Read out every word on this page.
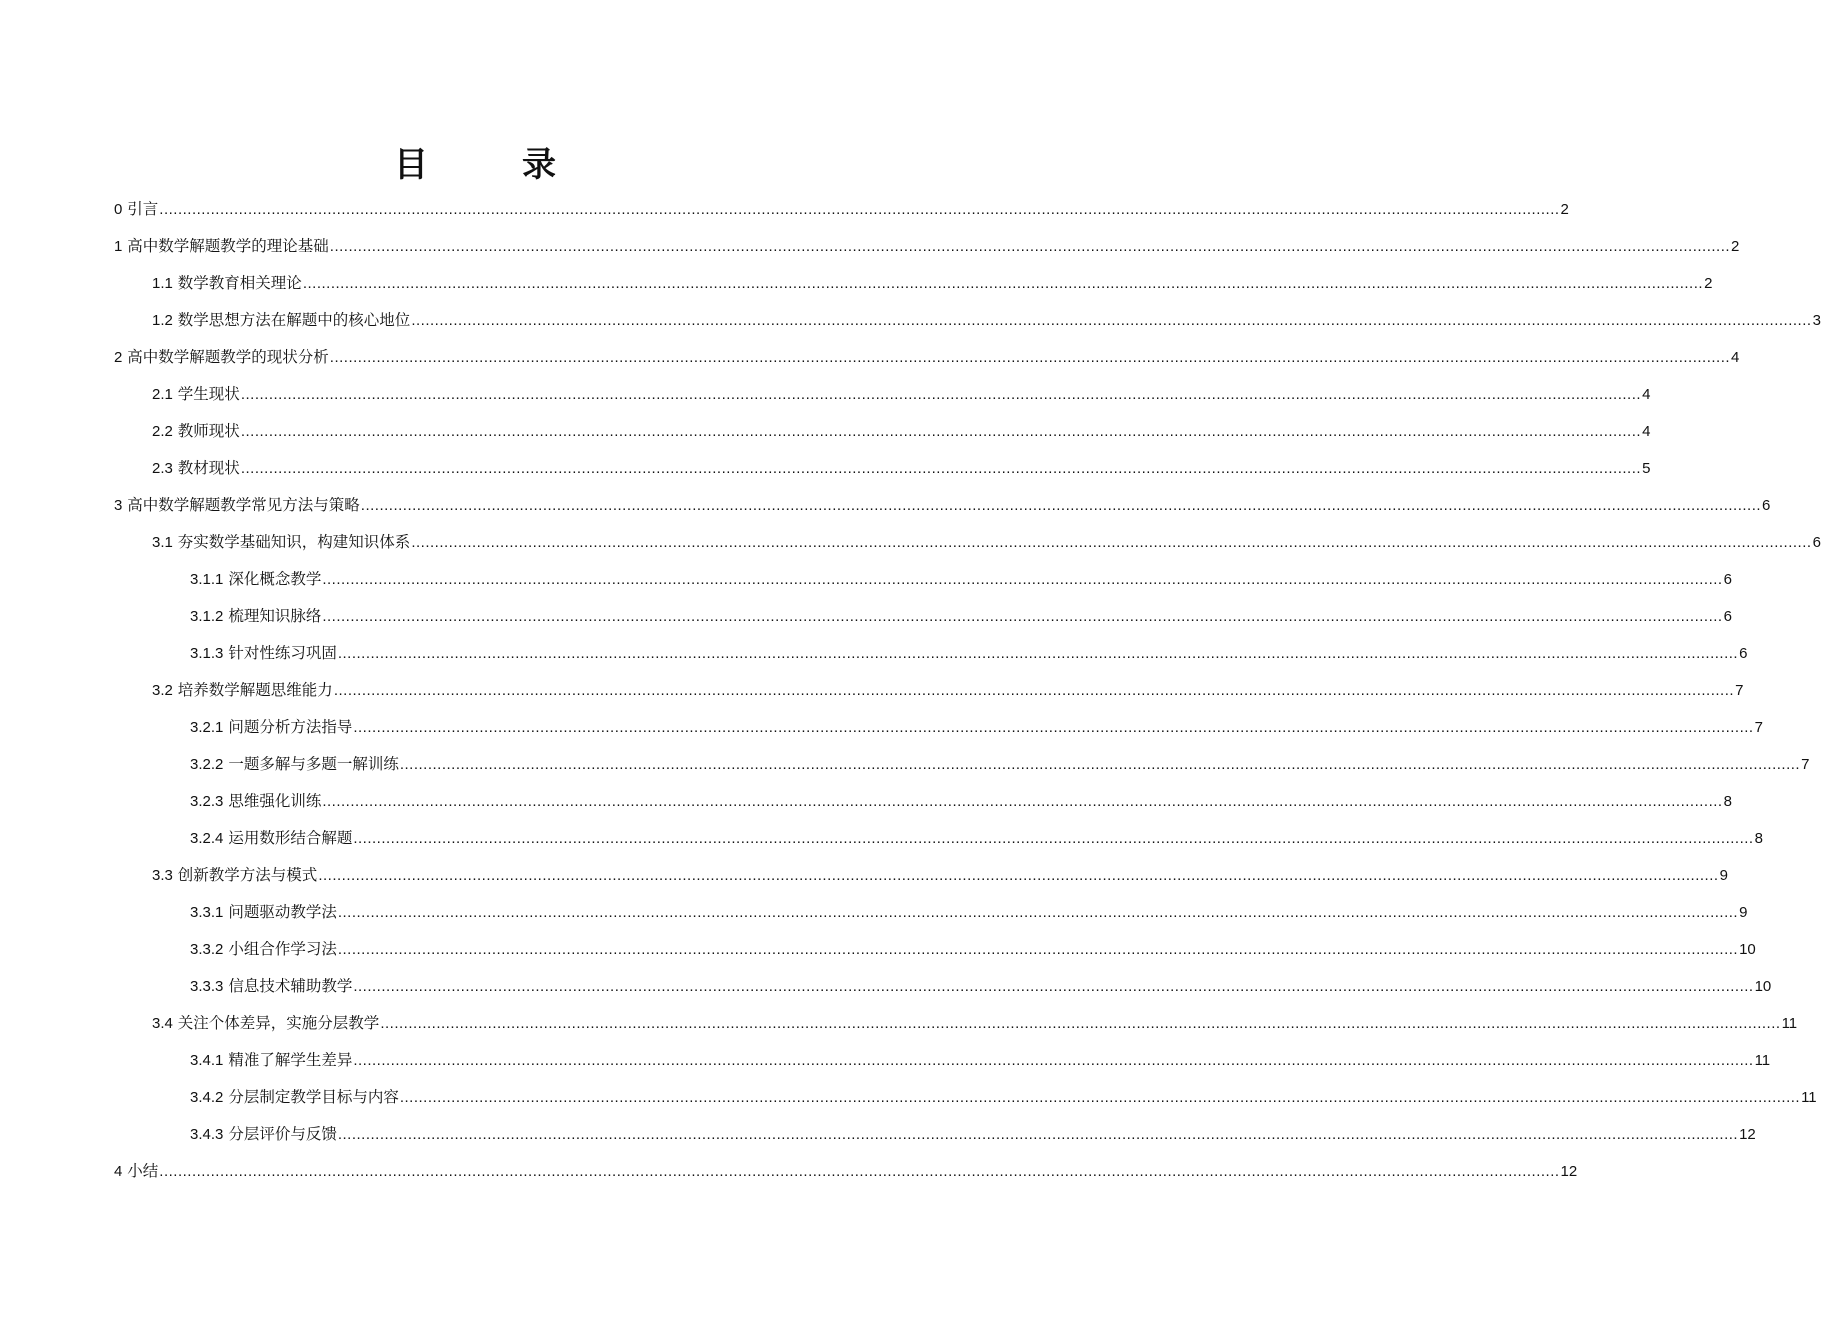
目　录
0 引言 ............................................................................................................................................................................................................................................................................................................ 2
1 高中数学解题教学的理论基础 ............................................................................................................................................................................................................................................................................................................ 2
1.1 数学教育相关理论 ............................................................................................................................................................................................................................................................................................................ 2
1.2 数学思想方法在解题中的核心地位 ............................................................................................................................................................................................................................................................................................................ 3
2 高中数学解题教学的现状分析 ............................................................................................................................................................................................................................................................................................................ 4
2.1 学生现状 ............................................................................................................................................................................................................................................................................................................ 4
2.2 教师现状 ............................................................................................................................................................................................................................................................................................................ 4
2.3 教材现状 ............................................................................................................................................................................................................................................................................................................ 5
3 高中数学解题教学常见方法与策略 ............................................................................................................................................................................................................................................................................................................ 6
3.1 夯实数学基础知识，构建知识体系 ............................................................................................................................................................................................................................................................................................................ 6
3.1.1 深化概念教学 ............................................................................................................................................................................................................................................................................................................ 6
3.1.2 梳理知识脉络 ............................................................................................................................................................................................................................................................................................................ 6
3.1.3 针对性练习巩固 ............................................................................................................................................................................................................................................................................................................ 6
3.2 培养数学解题思维能力 ............................................................................................................................................................................................................................................................................................................ 7
3.2.1 问题分析方法指导 ............................................................................................................................................................................................................................................................................................................ 7
3.2.2 一题多解与多题一解训练 ............................................................................................................................................................................................................................................................................................................ 7
3.2.3 思维强化训练 ............................................................................................................................................................................................................................................................................................................ 8
3.2.4 运用数形结合解题 ............................................................................................................................................................................................................................................................................................................ 8
3.3 创新教学方法与模式 ............................................................................................................................................................................................................................................................................................................ 9
3.3.1 问题驱动教学法 ............................................................................................................................................................................................................................................................................................................ 9
3.3.2 小组合作学习法 ............................................................................................................................................................................................................................................................................................................ 10
3.3.3 信息技术辅助教学 ............................................................................................................................................................................................................................................................................................................ 10
3.4 关注个体差异，实施分层教学 ............................................................................................................................................................................................................................................................................................................ 11
3.4.1 精准了解学生差异 ............................................................................................................................................................................................................................................................................................................ 11
3.4.2 分层制定教学目标与内容 ............................................................................................................................................................................................................................................................................................................ 11
3.4.3 分层评价与反馈 ............................................................................................................................................................................................................................................................................................................ 12
4 小结 ............................................................................................................................................................................................................................................................................................................ 12
